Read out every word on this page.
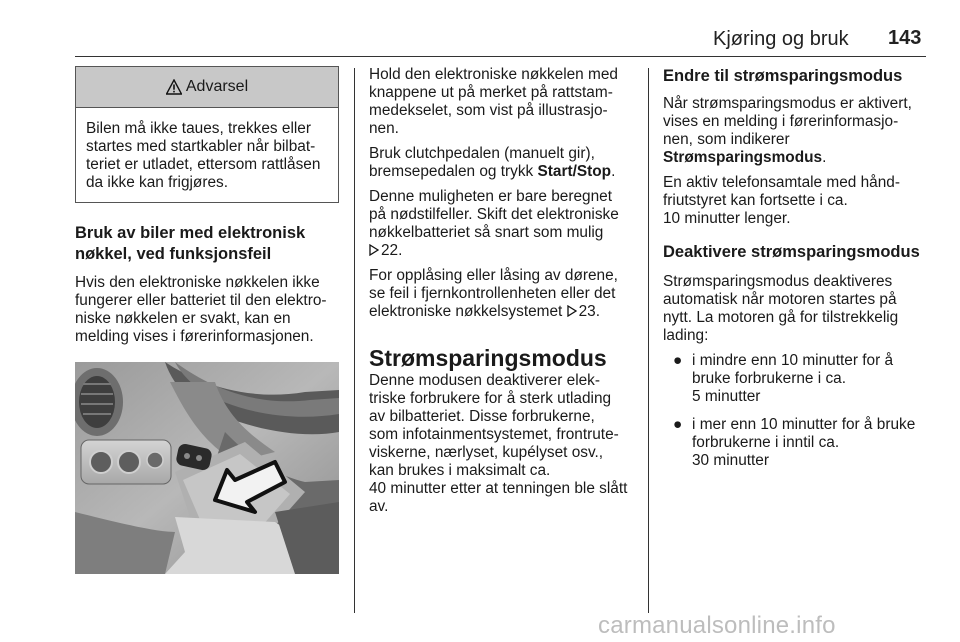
Kjøring og bruk 143
Advarsel
Bilen må ikke taues, trekkes eller
startes med startkabler når bilbat-
teriet er utladet, ettersom rattlåsen
da ikke kan frigjøres.
Bruk av biler med elektronisk
nøkkel, ved funksjonsfeil

Hvis den elektroniske nøkkelen ikke
fungerer eller batteriet til den elektro-
niske nøkkelen er svakt, kan en
melding vises i førerinformasjonen.

Hold den elektroniske nøkkelen med
knappene ut på merket på rattstam-
medekselet, som vist på illustrasjo-
nen.

Bruk clutchpedalen (manuelt gir),
bremsepedalen og trykk Start/Stop.

Denne muligheten er bare beregnet
på nødstilfeller. Skift det elektroniske
nøkkelbatteriet så snart som mulig
22.

For opplåsing eller låsing av dørene,
se feil i fjernkontrollenheten eller det
elektroniske nøkkelsystemet 23.

Strømsparingsmodus

Denne modusen deaktiverer elek-
triske forbrukere for å sterk utlading
av bilbatteriet. Disse forbrukerne,
som infotainmentsystemet, frontrute-
viskerne, nærlyset, kupélyset osv.,
kan brukes i maksimalt ca.
40 minutter etter at tenningen ble slått
av.

Endre til strømsparingsmodus

Når strømsparingsmodus er aktivert,
vises en melding i førerinformasjo-
nen, som indikerer
Strømsparingsmodus.

En aktiv telefonsamtale med hånd-
friutstyret kan fortsette i ca.
10 minutter lenger.

Deaktivere strømsparingsmodus

Strømsparingsmodus deaktiveres
automatisk når motoren startes på
nytt. La motoren gå for tilstrekkelig
lading:

● i mindre enn 10 minutter for å
bruke forbrukerne i ca.
5 minutter
● i mer enn 10 minutter for å bruke
forbrukerne i inntil ca.
30 minutter
carmanualsonline.info
